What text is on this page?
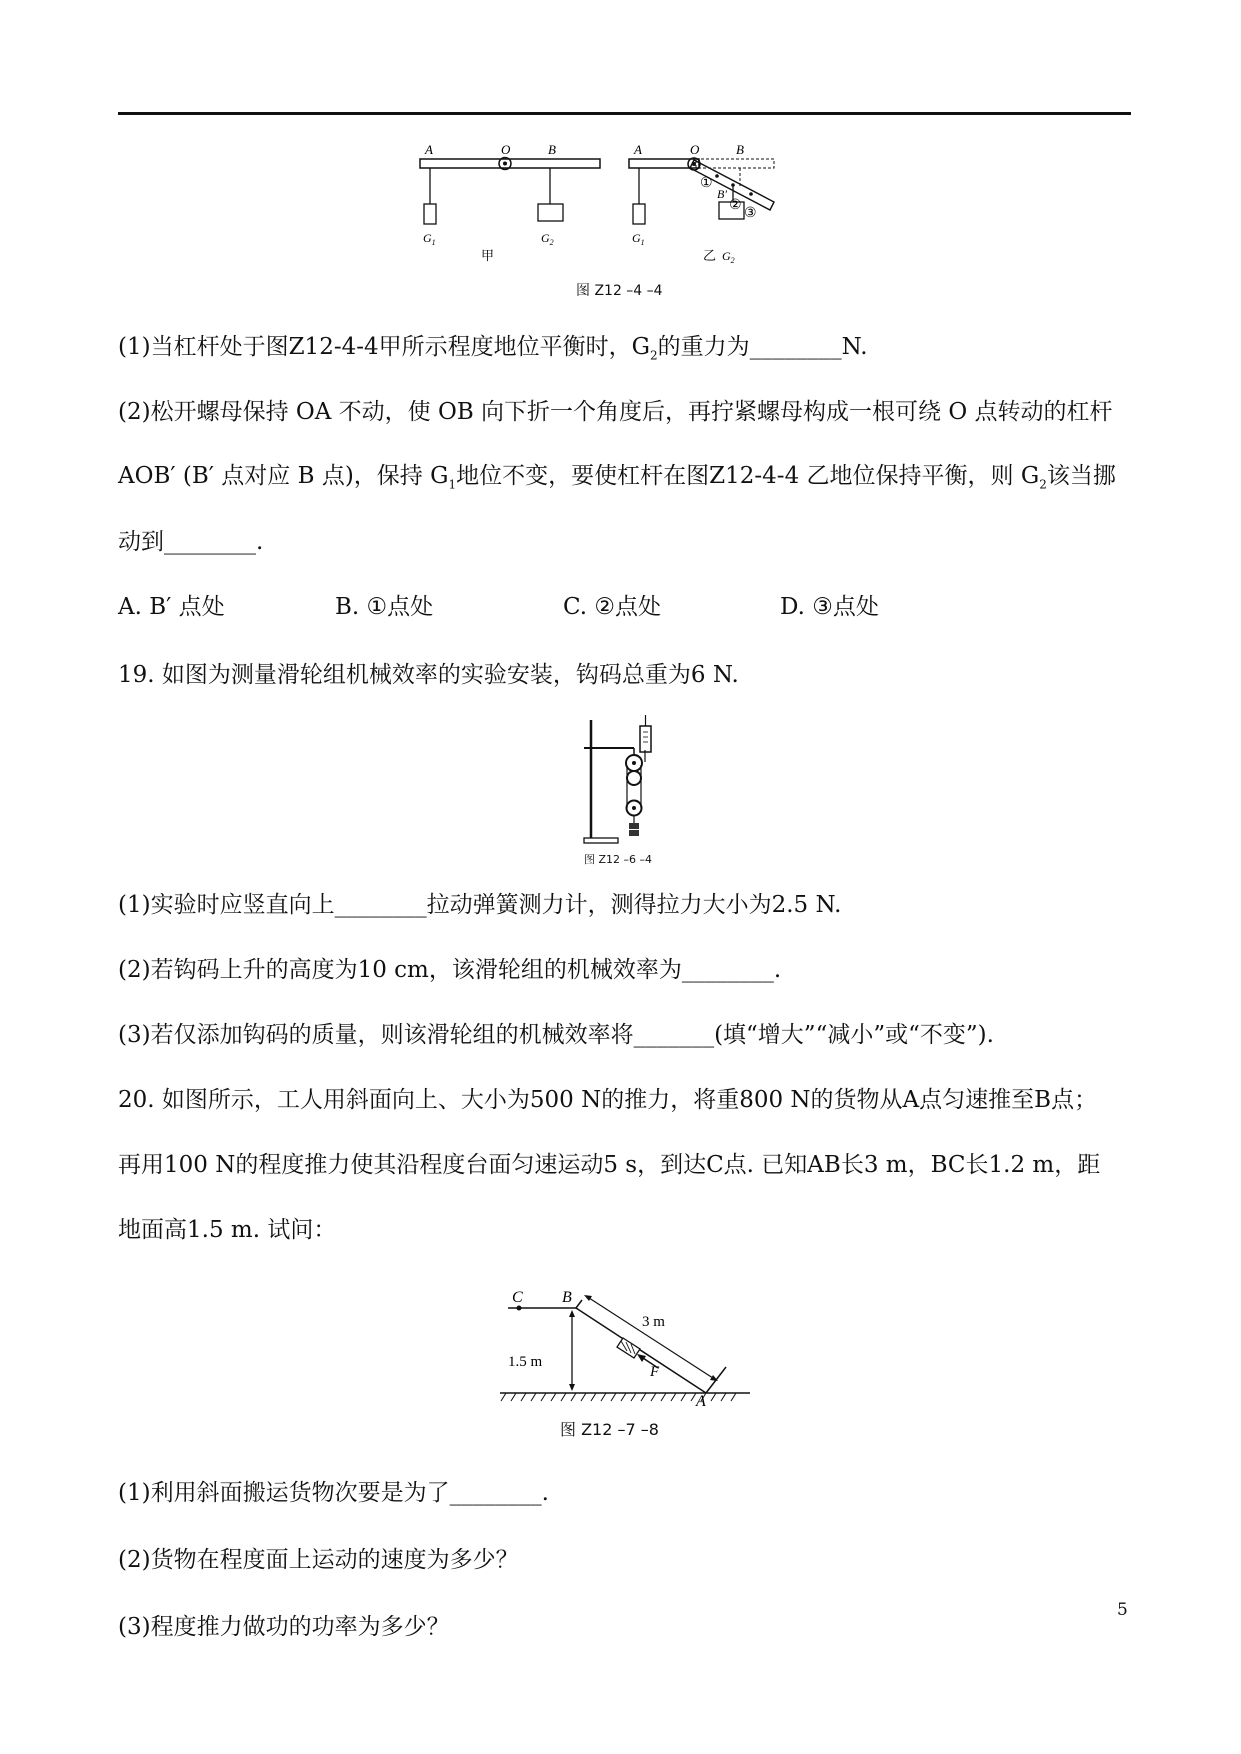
A	O	B
$G_1$	$G_2$
甲
A	O	B
①
B′
②
③
$G_1$
$G_2$
乙
图 Z12 –4 –4
(1)当杠杆处于图Z12-4-4甲所示程度地位平衡时，$G_2$的重力为________N.
(2)松开螺母保持 OA 不动，使 OB 向下折一个角度后，再拧紧螺母构成一根可绕 O 点转动的杠杆
AOB′ (B′ 点对应 B 点)，保持 $G_1$地位不变，要使杠杆在图Z12-4-4 乙地位保持平衡，则 $G_2$该当挪
动到________.
A. B′ 点处	B. ①点处	C. ②点处	D. ③点处
19. 如图为测量滑轮组机械效率的实验安装，钩码总重为6 N.
图 Z12 –6 –4
(1)实验时应竖直向上________拉动弹簧测力计，测得拉力大小为2.5 N.
(2)若钩码上升的高度为10 cm，该滑轮组的机械效率为________.
(3)若仅添加钩码的质量，则该滑轮组的机械效率将_______(填“增大”“减小”或“不变”).
20. 如图所示，工人用斜面向上、大小为500 N的推力，将重800 N的货物从A点匀速推至B点；
再用100 N的程度推力使其沿程度台面匀速运动5 s，到达C点. 已知AB长3 m，BC长1.2 m，距
地面高1.5 m. 试问：
C B
A
1.5 m
3 m
F
图 Z12 –7 –8
(1)利用斜面搬运货物次要是为了________.
(2)货物在程度面上运动的速度为多少？
(3)程度推力做功的功率为多少？
5
